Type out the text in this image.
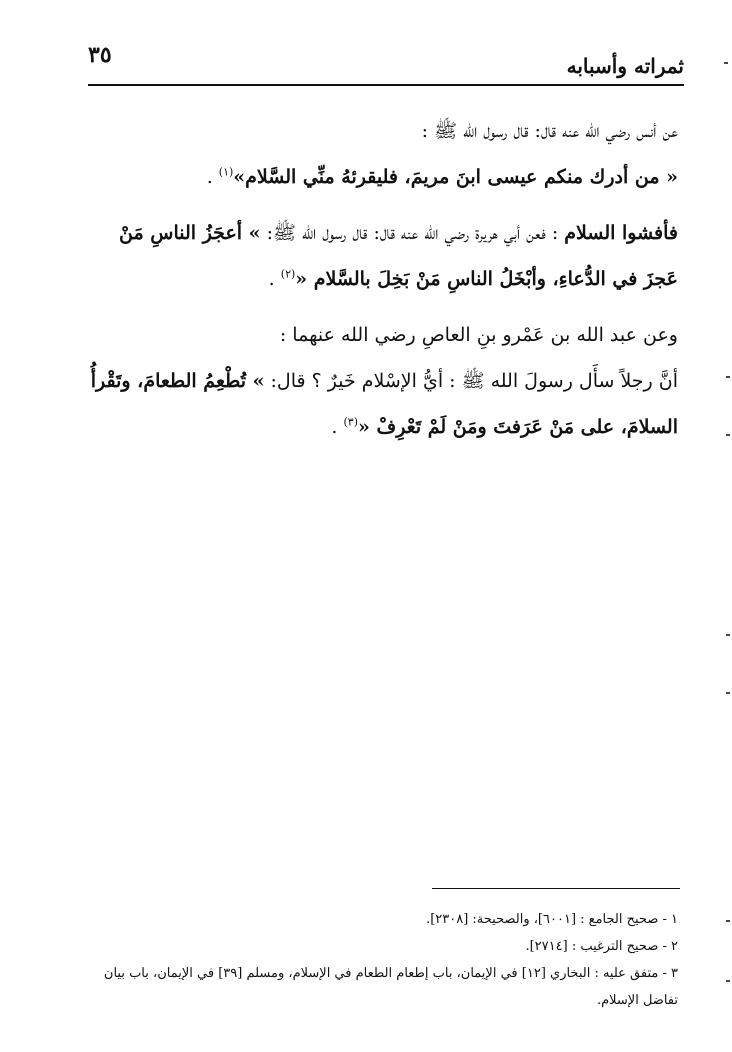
٣٥	ثمراته وأسبابه

عن أنس رضي الله عنه قال: قال رسول الله ﷺ :

« من أدرك منكم عيسى ابنَ مريمَ، فليقرئهُ منِّي السَّلام»$^{(١)}$ .

فأفشوا السلام : فعن أبي هريرة رضي الله عنه قال: قال رسول الله ﷺ: » أعجَزُ الناسِ مَنْ عَجزَ في الدُّعاءِ، وأبْخَلُ الناسِ مَنْ بَخِلَ بالسَّلام «$^{(٢)}$ .

وعن عبد الله بن عَمْرو بنِ العاصِ رضي الله عنهما :

أنَّ رجلاً سأَل رسولَ الله ﷺ : أيُّ الإسْلام خَيرٌ ؟ قال: » تُطْعِمُ الطعامَ، وتَقْرأُ السلامَ، على مَنْ عَرَفتَ ومَنْ لَمْ تَعْرِفْ «$^{(٣)}$ .

١ - صحيح الجامع : [٦٠٠١]، والصحيحة: [٢٣٠٨].

٢ - صحيح الترغيب : [٢٧١٤].

٣ - متفق عليه : البخاري [١٢] في الإيمان، باب إطعام الطعام في الإسلام، ومسلم [٣٩] في الإيمان، باب بيان تفاضل الإسلام.
